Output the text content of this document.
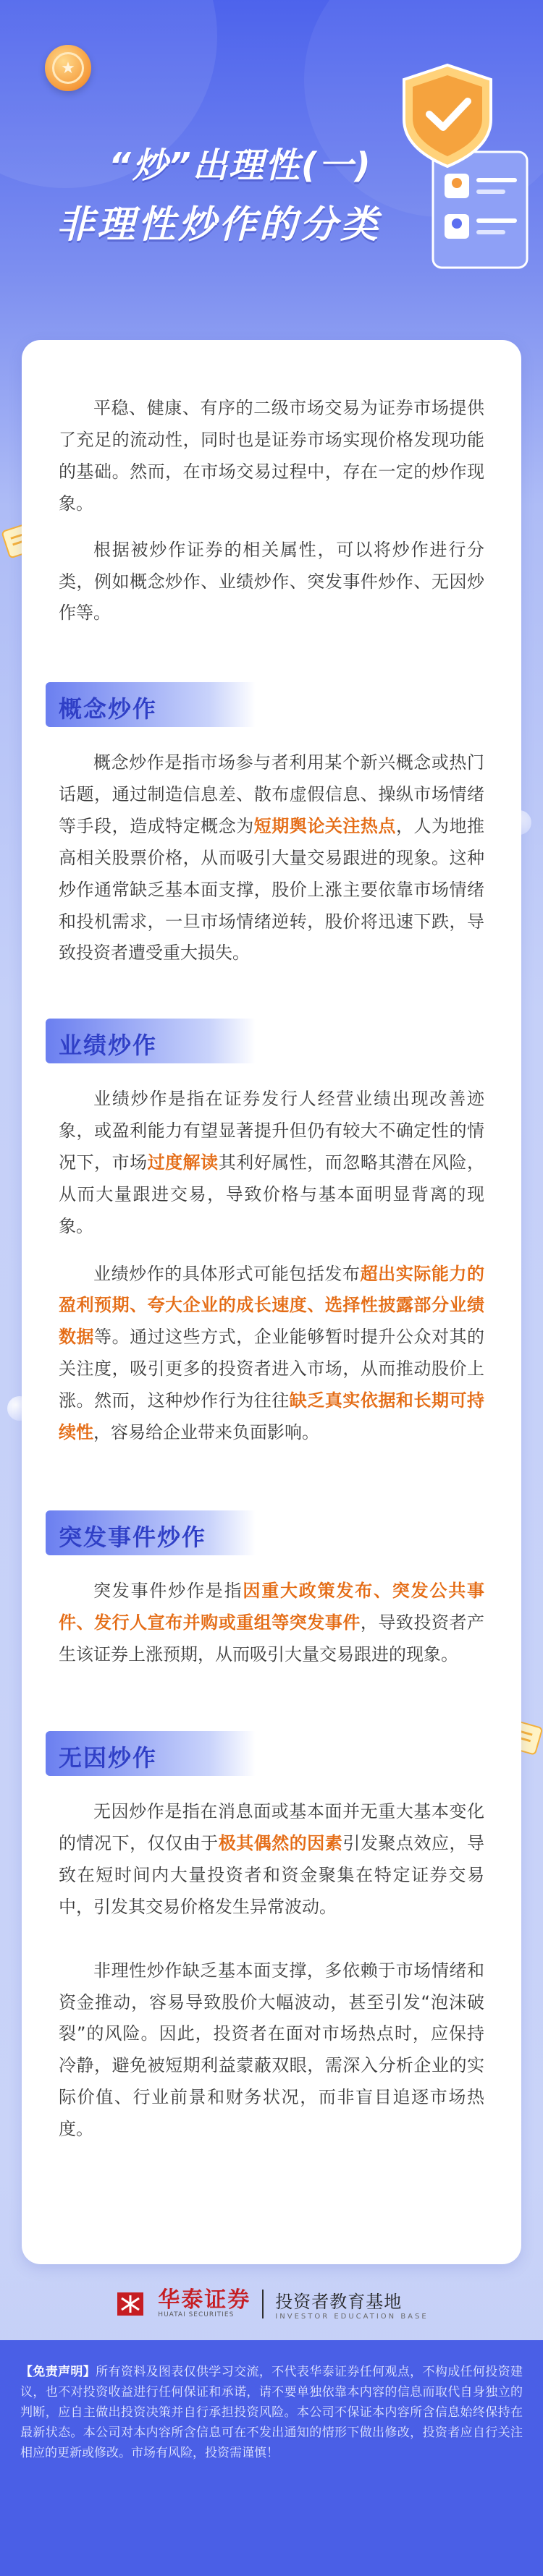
★
“炒”出理性(一)
非理性炒作的分类

平稳、健康、有序的二级市场交易为证券市场提供了充足的流动性，同时也是证券市场实现价格发现功能的基础。然而，在市场交易过程中，存在一定的炒作现象。

根据被炒作证券的相关属性，可以将炒作进行分类，例如概念炒作、业绩炒作、突发事件炒作、无因炒作等。

概念炒作

概念炒作是指市场参与者利用某个新兴概念或热门话题，通过制造信息差、散布虚假信息、操纵市场情绪等手段，造成特定概念为短期舆论关注热点，人为地推高相关股票价格，从而吸引大量交易跟进的现象。这种炒作通常缺乏基本面支撑，股价上涨主要依靠市场情绪和投机需求，一旦市场情绪逆转，股价将迅速下跌，导致投资者遭受重大损失。

业绩炒作

业绩炒作是指在证券发行人经营业绩出现改善迹象，或盈利能力有望显著提升但仍有较大不确定性的情况下，市场过度解读其利好属性，而忽略其潜在风险，从而大量跟进交易，导致价格与基本面明显背离的现象。

业绩炒作的具体形式可能包括发布超出实际能力的盈利预期、夸大企业的成长速度、选择性披露部分业绩数据等。通过这些方式，企业能够暂时提升公众对其的关注度，吸引更多的投资者进入市场，从而推动股价上涨。然而，这种炒作行为往往缺乏真实依据和长期可持续性，容易给企业带来负面影响。

突发事件炒作

突发事件炒作是指因重大政策发布、突发公共事件、发行人宣布并购或重组等突发事件，导致投资者产生该证券上涨预期，从而吸引大量交易跟进的现象。

无因炒作

无因炒作是指在消息面或基本面并无重大基本变化的情况下，仅仅由于极其偶然的因素引发聚点效应，导致在短时间内大量投资者和资金聚集在特定证券交易中，引发其交易价格发生异常波动。

非理性炒作缺乏基本面支撑，多依赖于市场情绪和资金推动，容易导致股价大幅波动，甚至引发“泡沫破裂”的风险。因此，投资者在面对市场热点时，应保持冷静，避免被短期利益蒙蔽双眼，需深入分析企业的实际价值、行业前景和财务状况，而非盲目追逐市场热度。

华泰证券
HUATAI SECURITIES
投资者教育基地
INVESTOR EDUCATION BASE
【免责声明】所有资料及图表仅供学习交流，不代表华泰证券任何观点，不构成任何投资建议，也不对投资收益进行任何保证和承诺，请不要单独依靠本内容的信息而取代自身独立的判断，应自主做出投资决策并自行承担投资风险。本公司不保证本内容所含信息始终保持在最新状态。本公司对本内容所含信息可在不发出通知的情形下做出修改，投资者应自行关注相应的更新或修改。市场有风险，投资需谨慎！
